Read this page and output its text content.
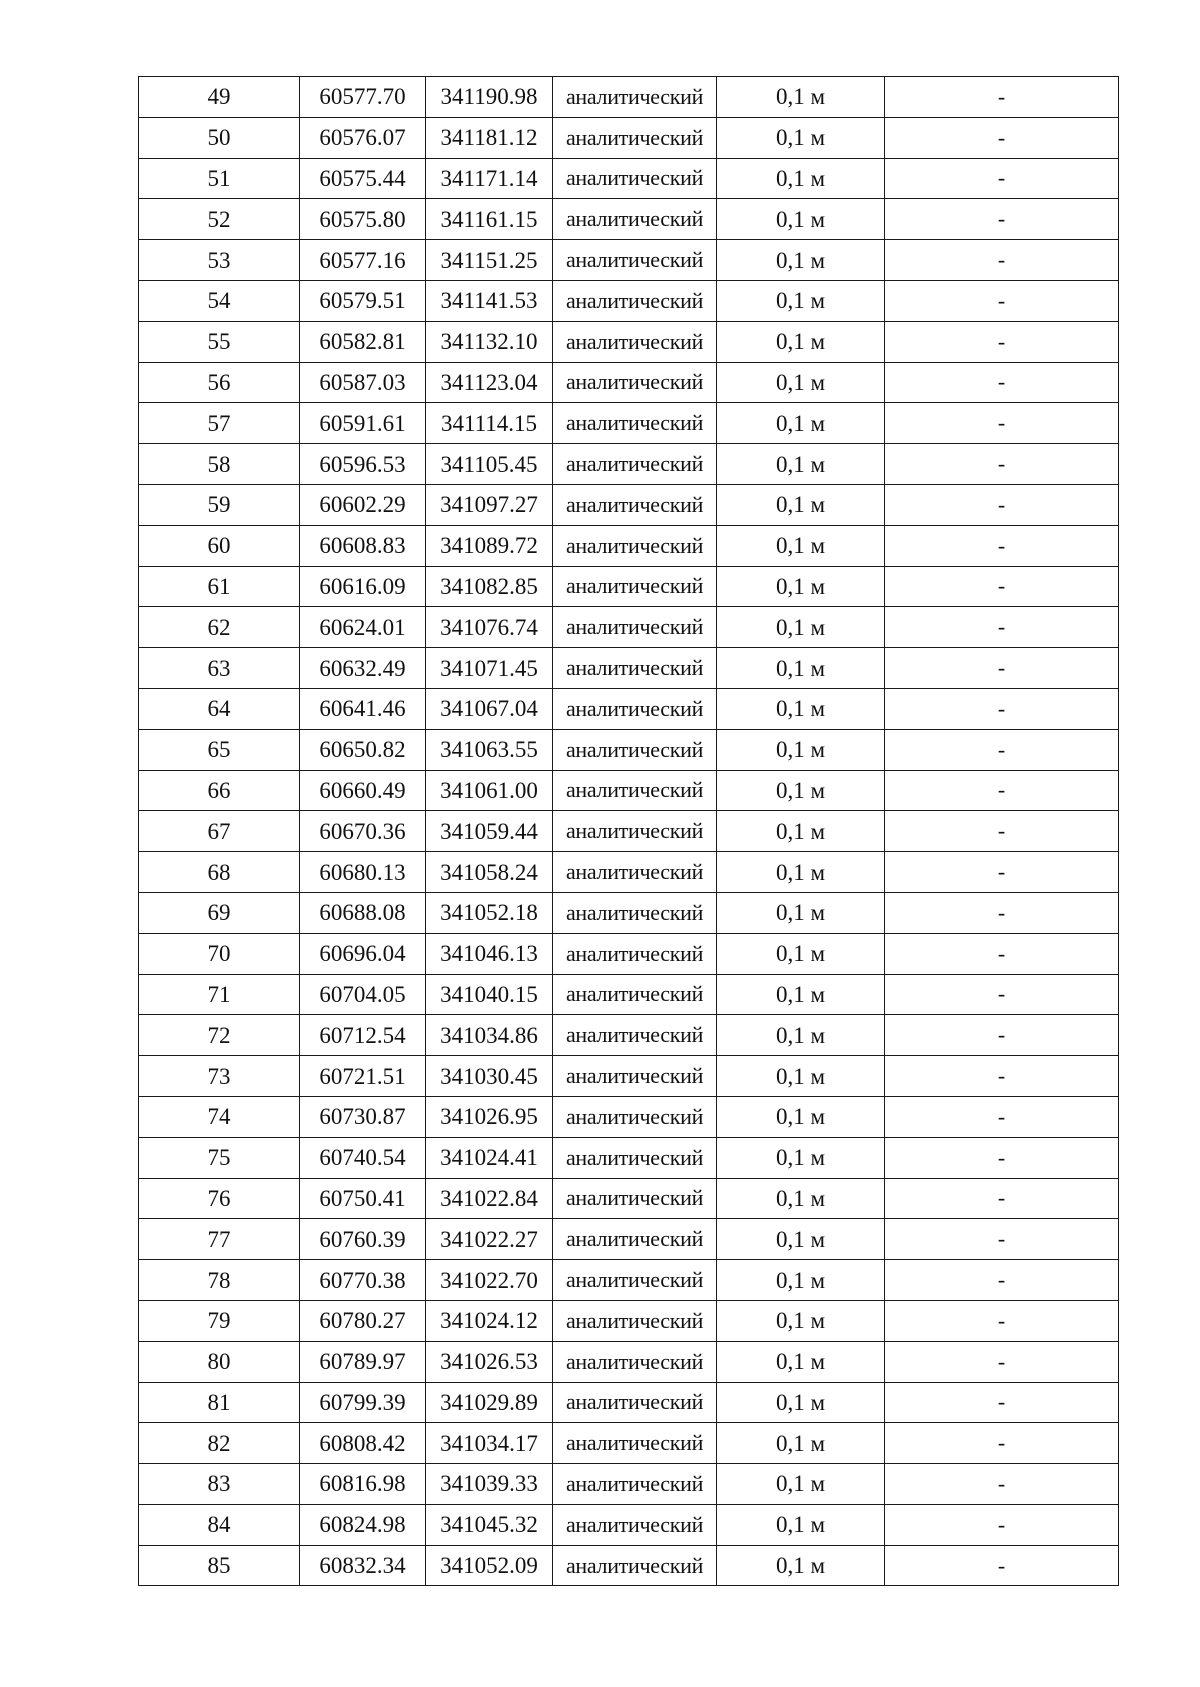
49	60577.70	341190.98	аналитический	0,1 м	-
50	60576.07	341181.12	аналитический	0,1 м	-
51	60575.44	341171.14	аналитический	0,1 м	-
52	60575.80	341161.15	аналитический	0,1 м	-
53	60577.16	341151.25	аналитический	0,1 м	-
54	60579.51	341141.53	аналитический	0,1 м	-
55	60582.81	341132.10	аналитический	0,1 м	-
56	60587.03	341123.04	аналитический	0,1 м	-
57	60591.61	341114.15	аналитический	0,1 м	-
58	60596.53	341105.45	аналитический	0,1 м	-
59	60602.29	341097.27	аналитический	0,1 м	-
60	60608.83	341089.72	аналитический	0,1 м	-
61	60616.09	341082.85	аналитический	0,1 м	-
62	60624.01	341076.74	аналитический	0,1 м	-
63	60632.49	341071.45	аналитический	0,1 м	-
64	60641.46	341067.04	аналитический	0,1 м	-
65	60650.82	341063.55	аналитический	0,1 м	-
66	60660.49	341061.00	аналитический	0,1 м	-
67	60670.36	341059.44	аналитический	0,1 м	-
68	60680.13	341058.24	аналитический	0,1 м	-
69	60688.08	341052.18	аналитический	0,1 м	-
70	60696.04	341046.13	аналитический	0,1 м	-
71	60704.05	341040.15	аналитический	0,1 м	-
72	60712.54	341034.86	аналитический	0,1 м	-
73	60721.51	341030.45	аналитический	0,1 м	-
74	60730.87	341026.95	аналитический	0,1 м	-
75	60740.54	341024.41	аналитический	0,1 м	-
76	60750.41	341022.84	аналитический	0,1 м	-
77	60760.39	341022.27	аналитический	0,1 м	-
78	60770.38	341022.70	аналитический	0,1 м	-
79	60780.27	341024.12	аналитический	0,1 м	-
80	60789.97	341026.53	аналитический	0,1 м	-
81	60799.39	341029.89	аналитический	0,1 м	-
82	60808.42	341034.17	аналитический	0,1 м	-
83	60816.98	341039.33	аналитический	0,1 м	-
84	60824.98	341045.32	аналитический	0,1 м	-
85	60832.34	341052.09	аналитический	0,1 м	-
